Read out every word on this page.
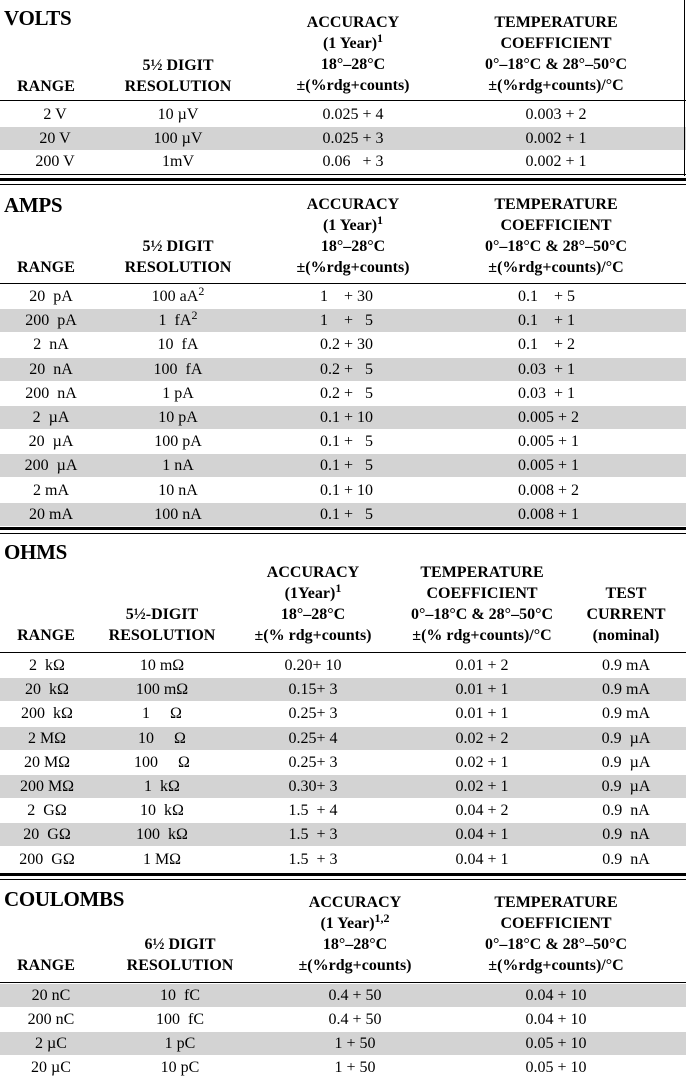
VOLTS
5½ DIGIT
RESOLUTION
RANGE
ACCURACY
(1 Year)$^1$
18°–28°C
±(%rdg+counts)
TEMPERATURE
COEFFICIENT
0°–18°C & 28°–50°C
±(%rdg+counts)/°C
2 V	10 µV	0.025 + 4	0.003 + 2
20 V	100 µV	0.025 + 3	0.002 + 1
200 V	1mV	0.06   + 3	0.002 + 1
AMPS
5½ DIGIT
RESOLUTION
RANGE
ACCURACY
(1 Year)$^1$
18°–28°C
±(%rdg+counts)
TEMPERATURE
COEFFICIENT
0°–18°C & 28°–50°C
±(%rdg+counts)/°C
20  pA	100 $aA^2$	1    + 30	0.1    + 5
200  pA	1  $fA^2$	1    +   5	0.1    + 1
2  nA	10  fA	0.2 + 30	0.1    + 2
20  nA	100  fA	0.2 +   5	0.03  + 1
200  nA	1 pA	0.2 +   5	0.03  + 1
2  µA	10 pA	0.1 + 10	0.005 + 2
20  µA	100 pA	0.1 +   5	0.005 + 1
200  µA	1 nA	0.1 +   5	0.005 + 1
2 mA	10 nA	0.1 + 10	0.008 + 2
20 mA	100 nA	0.1 +   5	0.008 + 1
OHMS
5½-DIGIT
RESOLUTION
RANGE
ACCURACY
(1Year)$^1$
18°–28°C
±(% rdg+counts)
TEMPERATURE
COEFFICIENT
0°–18°C & 28°–50°C
±(% rdg+counts)/°C
TEST
CURRENT
(nominal)
2  kΩ	10 mΩ	0.20+ 10	0.01 + 2	0.9 mA
20  kΩ	100 mΩ	0.15+ 3	0.01 + 1	0.9 mA
200  kΩ	1     Ω	0.25+ 3	0.01 + 1	0.9 mA
2 MΩ	10     Ω	0.25+ 4	0.02 + 2	0.9  µA
20 MΩ	100     Ω	0.25+ 3	0.02 + 1	0.9  µA
200 MΩ	1  kΩ	0.30+ 3	0.02 + 1	0.9  µA
2  GΩ	10  kΩ	1.5  + 4	0.04 + 2	0.9  nA
20  GΩ	100  kΩ	1.5  + 3	0.04 + 1	0.9  nA
200  GΩ	1 MΩ	1.5  + 3	0.04 + 1	0.9  nA
COULOMBS
6½ DIGIT
RESOLUTION
RANGE
ACCURACY
(1 Year)$^{1,2}$
18°–28°C
±(%rdg+counts)
TEMPERATURE
COEFFICIENT
0°–18°C & 28°–50°C
±(%rdg+counts)/°C
20 nC	10  fC	0.4 + 50	0.04 + 10
200 nC	100  fC	0.4 + 50	0.04 + 10
2 µC	1 pC	1 + 50	0.05 + 10
20 µC	10 pC	1 + 50	0.05 + 10
